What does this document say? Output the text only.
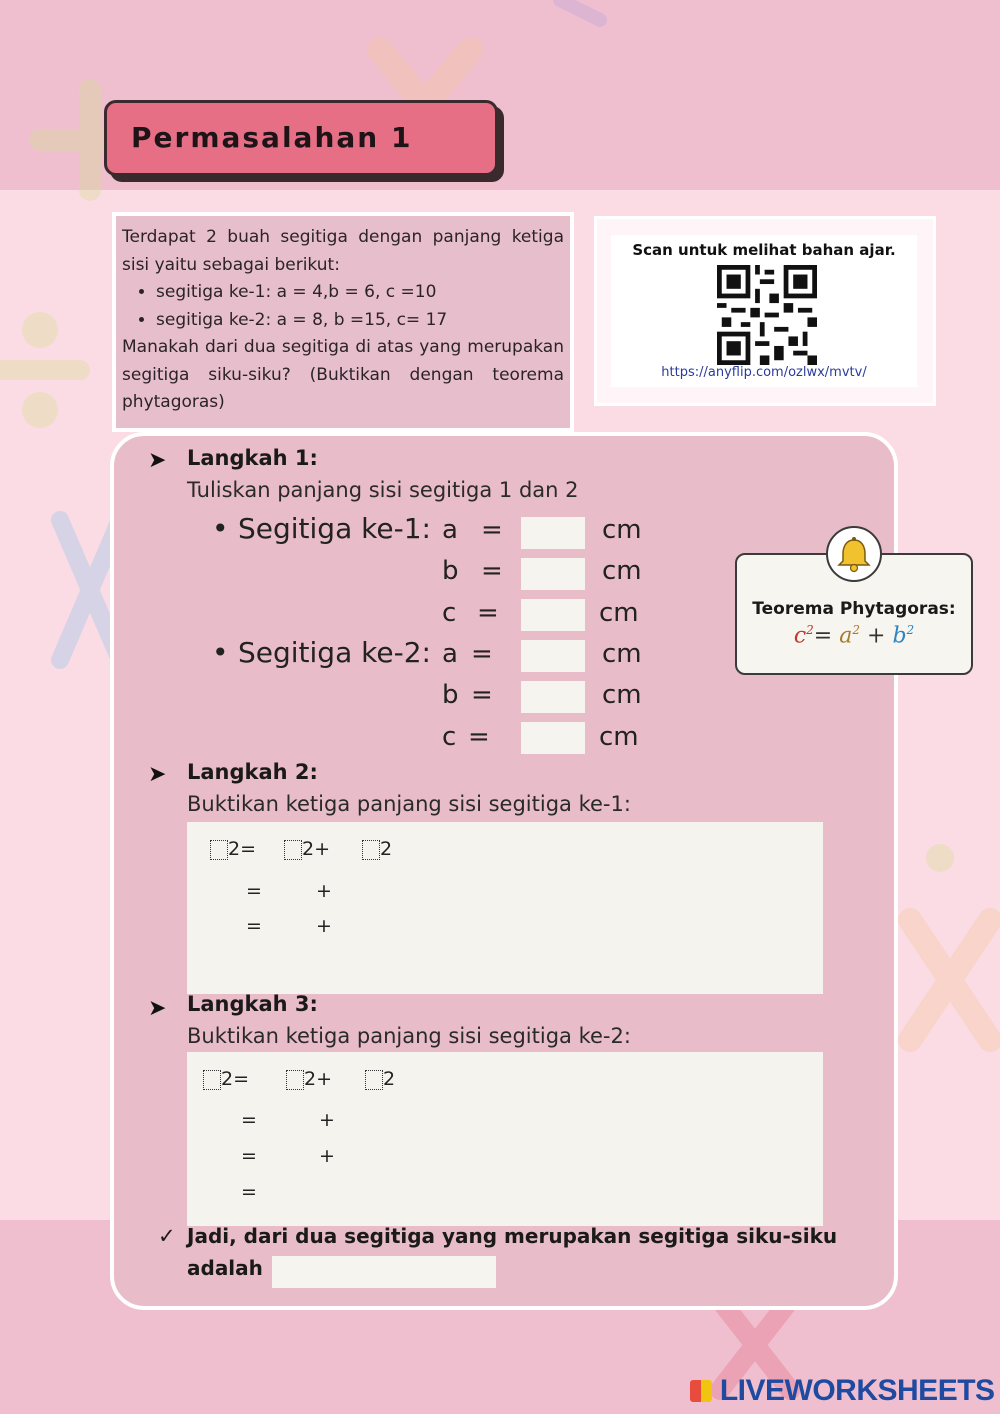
Permasalahan 1

Terdapat 2 buah segitiga dengan panjang ketiga sisi yaitu sebagai berikut:

• segitiga ke-1: a = 4,b = 6, c =10
• segitiga ke-2: a = 8, b =15, c= 17

Manakah dari dua segitiga di atas yang merupakan segitiga siku-siku? (Buktikan dengan teorema phytagoras)

Scan untuk melihat bahan ajar.
https://anyflip.com/ozlwx/mvtv/
➤ Langkah 1:
Tuliskan panjang sisi segitiga 1 dan 2
• Segitiga ke-1: a =	cm
b =	cm
c =	cm
• Segitiga ke-2: a =	cm
b =	cm
c =	cm
Teorema Phytagoras:
$c^2= a^2 + b^2$
➤ Langkah 2:
Buktikan ketiga panjang sisi segitiga ke-1:
2=	2+	2
=	+
=	+
➤ Langkah 3:
Buktikan ketiga panjang sisi segitiga ke-2:
2=	2+	2
=	+
=	+
=
✓ Jadi, dari dua segitiga yang merupakan segitiga siku-siku
adalah
LIVEWORKSHEETS
